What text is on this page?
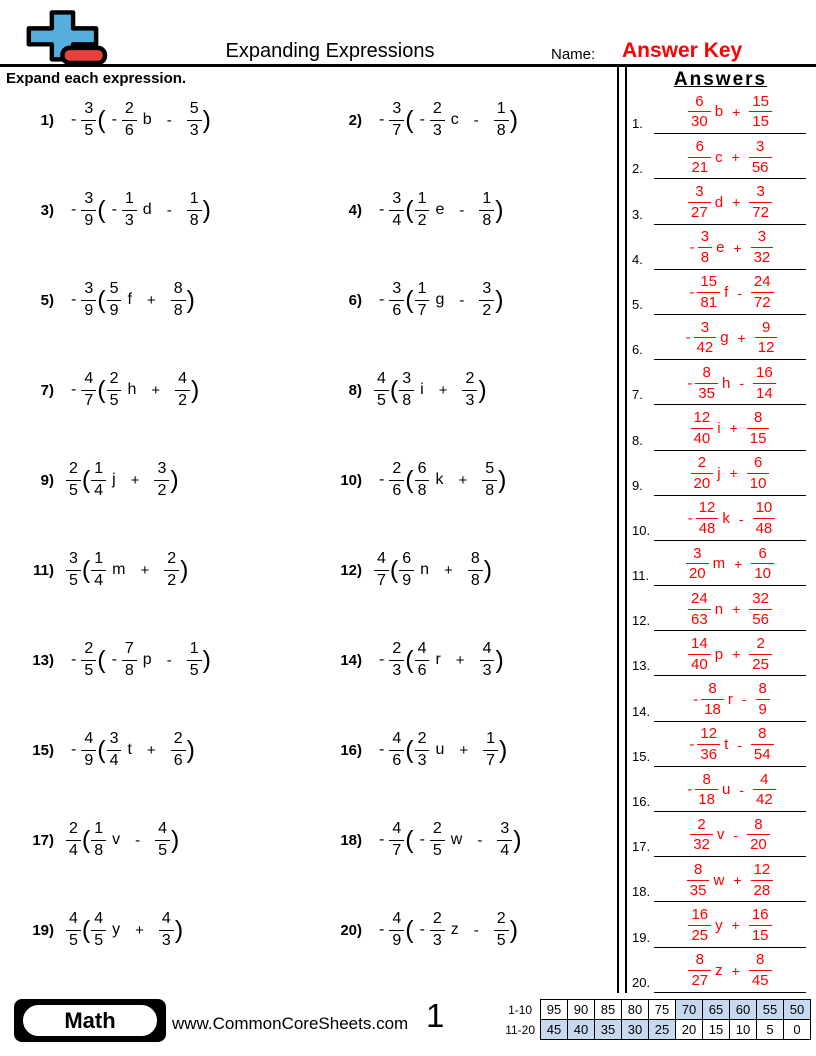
Expanding Expressions	Name: Answer Key
Expand each expression.
$1) - \frac{3}{5}$ ( - $\frac{2}{6}$ b - $\frac{5}{3}$ )	$2) - \frac{3}{7}$ ( - $\frac{2}{3}$ c - $\frac{1}{8}$ )
$3) - \frac{3}{9}$ ( - $\frac{1}{3}$ d - $\frac{1}{8}$ )	$4) - \frac{3}{4}$ ( $\frac{1}{2}$ e - $\frac{1}{8}$ )
$5) - \frac{3}{9}$ ( $\frac{5}{9}$ $f + \frac{8}{8}$ )	$6) - \frac{3}{6}$ ( $\frac{1}{7}$ g - $\frac{3}{2}$ )
$7) - \frac{4}{7}$ ( $\frac{2}{5}$ $h + \frac{4}{2}$ )	$8) \frac{4}{5}$ ( $\frac{3}{8}$ $i + \frac{2}{3}$ )
$9) \frac{2}{5}$ ( $\frac{1}{4}$ $j + \frac{3}{2}$ )	$10) - \frac{2}{6}$ ( $\frac{6}{8}$ $k + \frac{5}{8}$ )
$11) \frac{3}{5}$ ( $\frac{1}{4}$ $m + \frac{2}{2}$ )	$12) \frac{4}{7}$ ( $\frac{6}{9}$ $n + \frac{8}{8}$ )
$13) - \frac{2}{5}$ ( - $\frac{7}{8}$ p - $\frac{1}{5}$ )	$14) - \frac{2}{3}$ ( $\frac{4}{6}$ $r + \frac{4}{3}$ )
$15) - \frac{4}{9}$ ( $\frac{3}{4}$ $t + \frac{2}{6}$ )	$16) - \frac{4}{6}$ ( $\frac{2}{3}$ $u + \frac{1}{7}$ )
$17) \frac{2}{4}$ ( $\frac{1}{8}$ v - $\frac{4}{5}$ )	$18) - \frac{4}{7}$ ( - $\frac{2}{5}$ w - $\frac{3}{4}$ )
$19) \frac{4}{5}$ ( $\frac{4}{5}$ $y + \frac{4}{3}$ )	$20) - \frac{4}{9}$ ( - $\frac{2}{3}$ z - $\frac{2}{5}$ )
Answers
1.	$\frac{6}{30}$ $b + \frac{15}{15}$
2.	$\frac{6}{21}$ $c + \frac{3}{56}$
3.	$\frac{3}{27}$ $d + \frac{3}{72}$
4.
- $\frac{3}{8}$ $e + \frac{3}{32}$
5.
- $\frac{15}{81}$ f - $\frac{24}{72}$
6.
- $\frac{3}{42}$ $g + \frac{9}{12}$
7.
- $\frac{8}{35}$ h - $\frac{16}{14}$
8.	$\frac{12}{40}$ $i + \frac{8}{15}$
9.	$\frac{2}{20}$ $j + \frac{6}{10}$
10.
- $\frac{12}{48}$ k - $\frac{10}{48}$
11. $\frac{3}{20}$ $m + \frac{6}{10}$
12.	$\frac{24}{63}$ $n + \frac{32}{56}$
13.	$\frac{14}{40}$ $p + \frac{2}{25}$
14.
- $\frac{8}{18}$ r - $\frac{8}{9}$
15.
- $\frac{12}{36}$ t - $\frac{8}{54}$
16.
- $\frac{8}{18}$ u - $\frac{4}{42}$
17.	$\frac{2}{32}$ v - $\frac{8}{20}$
18. $\frac{8}{35}$ $w + \frac{12}{28}$
19.	$\frac{16}{25}$ $y + \frac{16}{15}$
20.	$\frac{8}{27}$ $z + \frac{8}{45}$
Math	www.CommonCoreSheets.com 1	1-10	95	90	85	80	75	70	65	60	55	50
11-20	45	40	35	30	25	20	15	10	5	0
